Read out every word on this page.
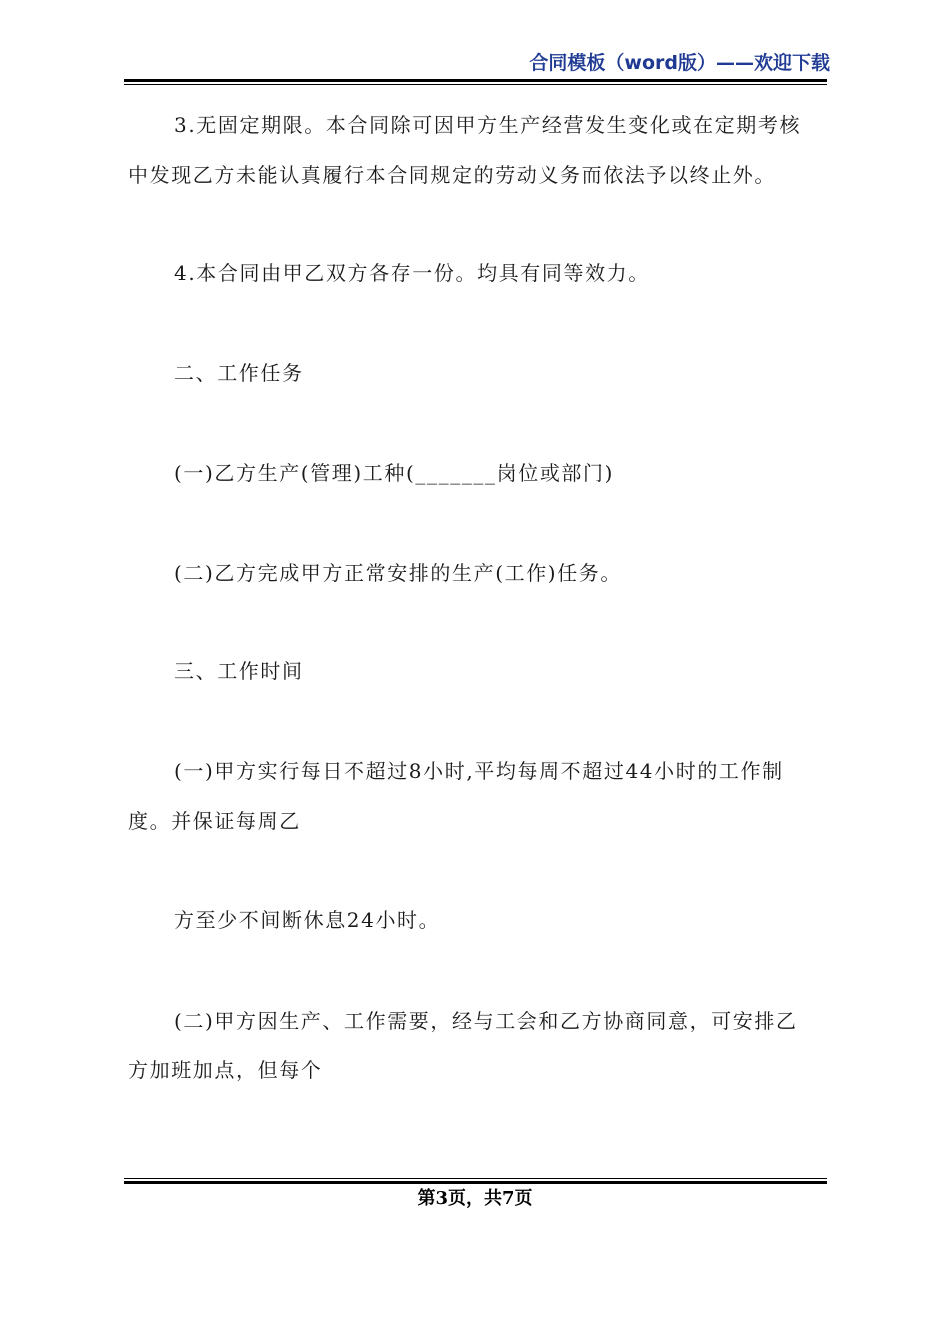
合同模板（word版）——欢迎下载
3.无固定期限。本合同除可因甲方生产经营发生变化或在定期考核
中发现乙方未能认真履行本合同规定的劳动义务而依法予以终止外。
4.本合同由甲乙双方各存一份。均具有同等效力。
二、工作任务
(一)乙方生产(管理)工种(_______岗位或部门)
(二)乙方完成甲方正常安排的生产(工作)任务。
三、工作时间
(一)甲方实行每日不超过8小时,平均每周不超过44小时的工作制
度。并保证每周乙
方至少不间断休息24小时。
(二)甲方因生产、工作需要，经与工会和乙方协商同意，可安排乙
方加班加点，但每个
第3页，共7页
